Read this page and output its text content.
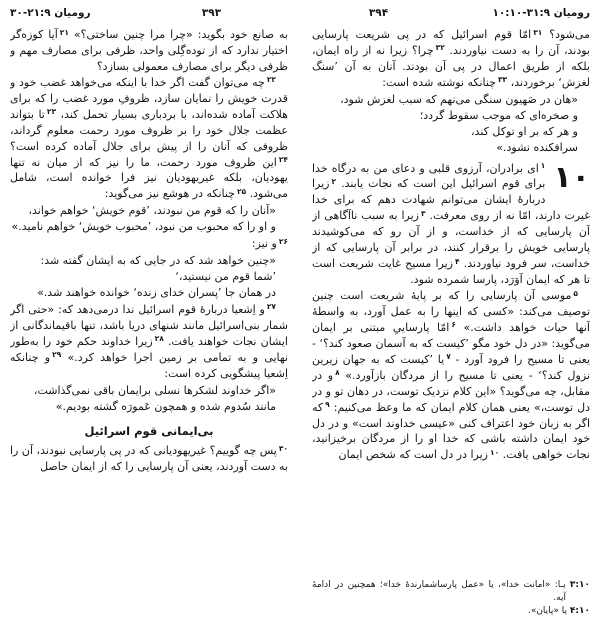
رومیان ۲۱:۹-۳۰	۳۹۳	۳۹۴	رومیان ۳۱:۹-۱۰:۱۰

به صانع خود بگوید: «چرا مرا چنین ساختی؟» $^{۲۱}$آیا کوزه‌گر اختیار ندارد که از توده‌گِلی واحد، ظرفی برای مصارف مهم و ظرفی دیگر برای مصارف معمولی بسازد؟

$^{۲۲}$چه می‌توان گفت اگر خدا با اینکه می‌خواهد غضب خود و قدرت خویش را نمایان سازد، ظروفِ مورد غضب را که برای هلاکت آماده شده‌اند، با بردباری بسیار تحمل کند، $^{۲۳}$تا بتواند عظمت جلال خود را بر ظروف مورد رحمت معلوم گرداند، ظروفی که آنان را از پیش برای جلال آماده کرده است؟ $^{۲۴}$این ظروف مورد رحمت، ما را نیز که از میان نه تنها یهودیان، بلکه غیریهودیان نیز فرا خوانده است، شامل می‌شود. $^{۲۵}$چنانکه در هوشع نیز می‌گوید:

«آنان را که قوم من نبودند، ’قوم خویش‘ خواهم خواند،
و او را که محبوب من نبود، ’محبوب خویش‘ خواهم نامید.»

$^{۲۶}$و نیز:

«چنین خواهد شد که در جایی که به ایشان گفته شد:
’شما قوم من نیستید،‘
در همان جا ’پسران خدای زنده‘ خوانده خواهند شد.»

$^{۲۷}$و اِشعیا دربارۀ قوم اسرائیل ندا درمی‌دهد که: «حتی اگر شمار بنی‌اسرائیل مانند شنهای دریا باشد، تنها باقیماندگانی از ایشان نجات خواهند یافت. $^{۲۸}$زیرا خداوند حکم خود را به‌طور نهایی و به تمامی بر زمین اجرا خواهد کرد.» $^{۲۹}$و چنانکه اِشعیا پیشگویی کرده است:

«اگر خداوند لشکرها نسلی برایمان باقی نمی‌گذاشت،
مانند سُدوم شده و همچون عَمورَه گشته بودیم.»
بی‌ایمانی قوم اسرائیل

$^{۳۰}$پس چه گوییم؟ غیریهودیانی که در پی پارسایی نبودند، آن را به دست آوردند، یعنی آن پارسایی را که از ایمان حاصل

می‌شود؟ $^{۳۱}$امّا قوم اسرائیل که در پی شریعت پارسایی بودند، آن را به دست نیاوردند. $^{۳۲}$چرا؟ زیرا نه از راه ایمان، بلکه از طریق اعمال در پی آن بودند. آنان به آن ’سنگ لغزش‘ برخوردند، $^{۳۳}$چنانکه نوشته شده است:

«هان در صَهیون سنگی می‌نهم که سبب لغزش شود،
و صخره‌ای که موجب سقوط گردد؛
و هر که بر او توکل کند،
سرافکنده نشود.»

۱۰
$^۱$ای برادران، آرزوی قلبی و دعای من به درگاه خدا برای قوم اسرائیل این است که نجات یابند. $^۲$زیرا دربارۀ ایشان می‌توانم شهادت دهم که برای خدا غیرت دارند، امّا نه از روی معرفت. $^۳$زیرا به سبب ناآگاهی از آن پارسایی که از خداست، و از آن رو که می‌کوشیدند پارسایی خویش را برقرار کنند، در برابر آن پارسایی که از خداست، سر فرود نیاوردند. $^۴$زیرا مسیح غایت شریعت است تا هر که ایمان آوَرَد، پارسا شمرده شود.

$^۵$موسی آن پارسایی را که بر پایۀ شریعت است چنین توصیف می‌کند: «کسی که اینها را به عمل آورد، به واسطۀ آنها حیات خواهد داشت.» $^۶$امّا پارساییِ مبتنی بر ایمان می‌گوید: «در دل خود مگو ’کیست که به آسمان صعود کند؟‘ - یعنی تا مسیح را فرود آورد - $^۷$یا ’کیست که به جهان زیرین نزول کند؟‘ - یعنی تا مسیح را از مردگان بازآورد.» $^۸$و در مقابل، چه می‌گوید؟ «این کلام نزدیک توست، در دهان تو و در دل توست،» یعنی همان کلام ایمان که ما وعظ می‌کنیم: $^۹$که اگر به زبان خود اعتراف کنی «عیسی خداوند است» و در دل خود ایمان داشته باشی که خدا او را از مردگان برخیزانید، نجات خواهی یافت. $^{۱۰}$زیرا در دل است که شخص ایمان

۳:۱۰ یـا: «امانت خدا»، یا «عمل پارساشمارندۀ خدا»؛ همچنین در ادامۀ آیه.
۴:۱۰ یا «پایان».
